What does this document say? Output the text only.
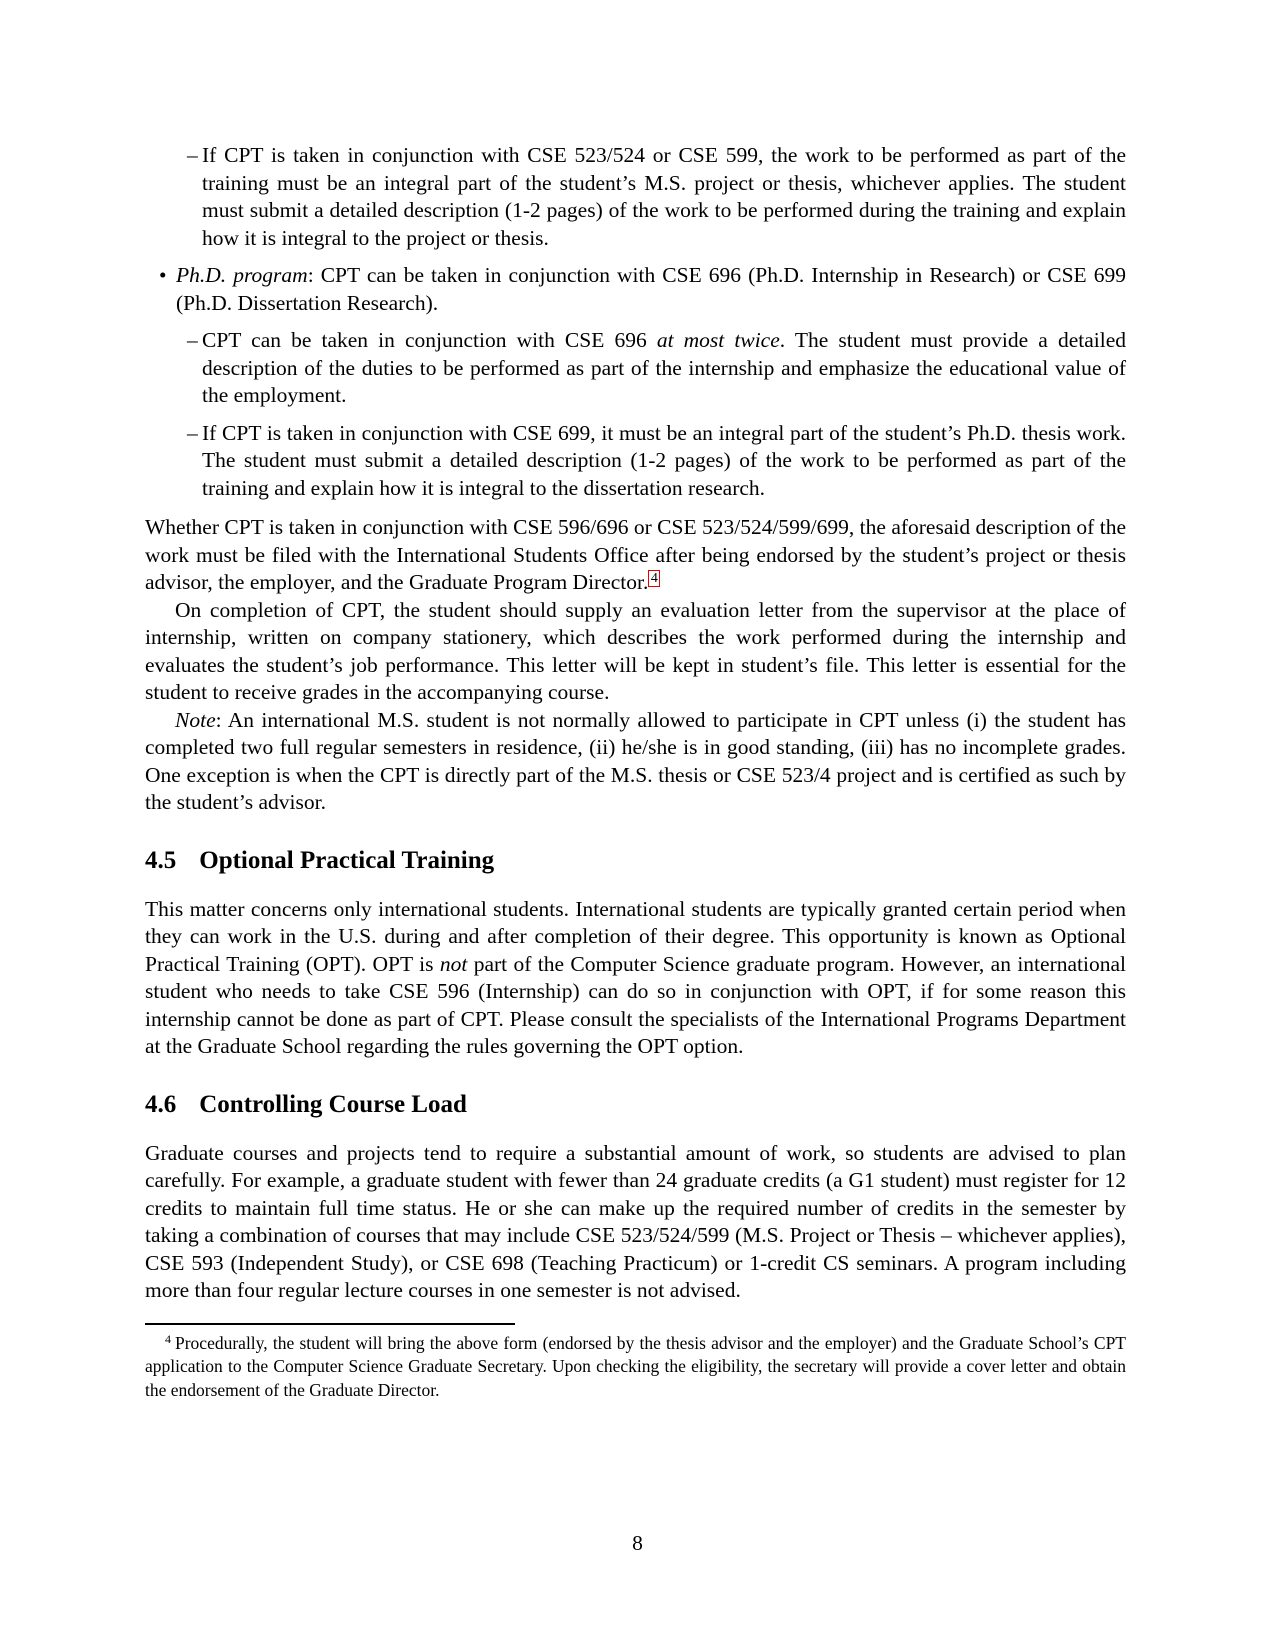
– If CPT is taken in conjunction with CSE 523/524 or CSE 599, the work to be performed as part of the training must be an integral part of the student’s M.S. project or thesis, whichever applies. The student must submit a detailed description (1-2 pages) of the work to be performed during the training and explain how it is integral to the project or thesis.
• Ph.D. program: CPT can be taken in conjunction with CSE 696 (Ph.D. Internship in Research) or CSE 699 (Ph.D. Dissertation Research).
– CPT can be taken in conjunction with CSE 696 at most twice. The student must provide a detailed description of the duties to be performed as part of the internship and emphasize the educational value of the employment.
– If CPT is taken in conjunction with CSE 699, it must be an integral part of the student’s Ph.D. thesis work. The student must submit a detailed description (1-2 pages) of the work to be performed as part of the training and explain how it is integral to the dissertation research.

Whether CPT is taken in conjunction with CSE 596/696 or CSE 523/524/599/699, the aforesaid description of the work must be filed with the International Students Office after being endorsed by the student’s project or thesis advisor, the employer, and the Graduate Program Director. $^4$

On completion of CPT, the student should supply an evaluation letter from the supervisor at the place of internship, written on company stationery, which describes the work performed during the internship and evaluates the student’s job performance. This letter will be kept in student’s file. This letter is essential for the student to receive grades in the accompanying course.

Note: An international M.S. student is not normally allowed to participate in CPT unless (i) the student has completed two full regular semesters in residence, (ii) he/she is in good standing, (iii) has no incomplete grades. One exception is when the CPT is directly part of the M.S. thesis or CSE 523/4 project and is certified as such by the student’s advisor.

4.5 Optional Practical Training

This matter concerns only international students. International students are typically granted certain period when they can work in the U.S. during and after completion of their degree. This opportunity is known as Optional Practical Training (OPT). OPT is not part of the Computer Science graduate program. However, an international student who needs to take CSE 596 (Internship) can do so in conjunction with OPT, if for some reason this internship cannot be done as part of CPT. Please consult the specialists of the International Programs Department at the Graduate School regarding the rules governing the OPT option.

4.6 Controlling Course Load

Graduate courses and projects tend to require a substantial amount of work, so students are advised to plan carefully. For example, a graduate student with fewer than 24 graduate credits (a G1 student) must register for 12 credits to maintain full time status. He or she can make up the required number of credits in the semester by taking a combination of courses that may include CSE 523/524/599 (M.S. Project or Thesis – whichever applies), CSE 593 (Independent Study), or CSE 698 (Teaching Practicum) or 1-credit CS seminars. A program including more than four regular lecture courses in one semester is not advised.

$^4$ Procedurally, the student will bring the above form (endorsed by the thesis advisor and the employer) and the Graduate School’s CPT application to the Computer Science Graduate Secretary. Upon checking the eligibility, the secretary will provide a cover letter and obtain the endorsement of the Graduate Director.
8
